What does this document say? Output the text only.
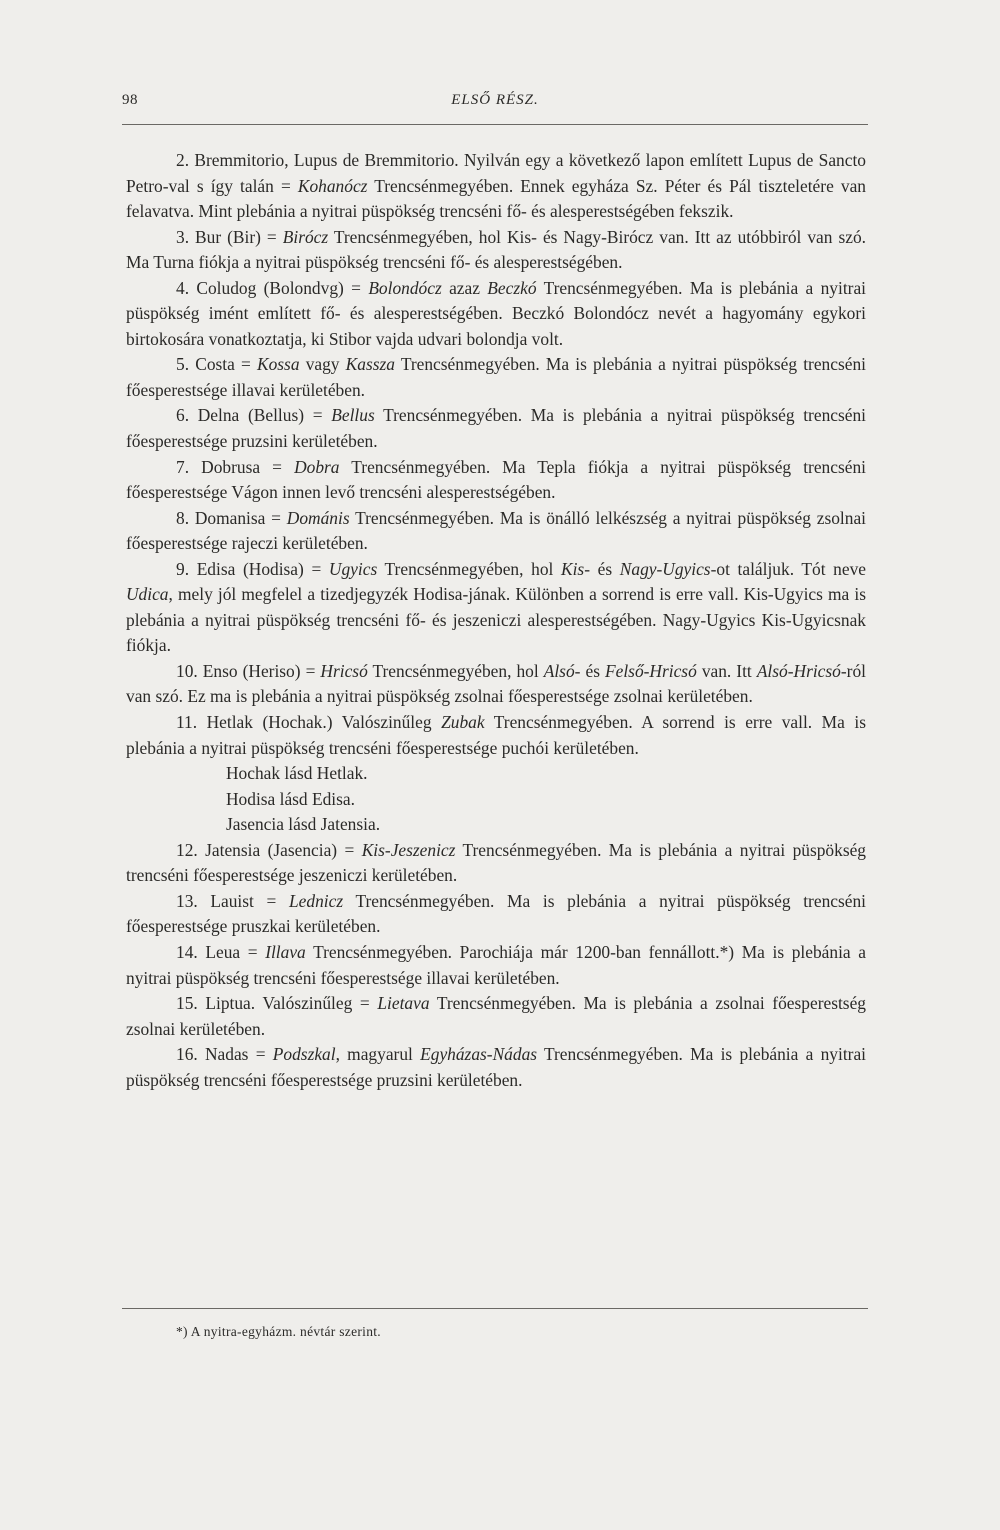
98	ELSŐ RÉSZ.

2. Bremmitorio, Lupus de Bremmitorio. Nyilván egy a következő lapon említett Lupus de Sancto Petro-val s így talán = Kohanócz Trencsénmegyében. Ennek egyháza Sz. Péter és Pál tiszteletére van felavatva. Mint plebánia a nyitrai püspökség trencséni fő- és alesperestségében fekszik.

3. Bur (Bir) = Birócz Trencsénmegyében, hol Kis- és Nagy-Birócz van. Itt az utóbbiról van szó. Ma Turna fiókja a nyitrai püspökség trencséni fő- és alesperestségében.

4. Coludog (Bolondvg) = Bolondócz azaz Beczkó Trencsénmegyében. Ma is plebánia a nyitrai püspökség imént említett fő- és alesperestségében. Beczkó Bolondócz nevét a hagyomány egykori birtokosára vonatkoztatja, ki Stibor vajda udvari bolondja volt.

5. Costa = Kossa vagy Kassza Trencsénmegyében. Ma is plebánia a nyitrai püspökség trencséni főesperestsége illavai kerületében.

6. Delna (Bellus) = Bellus Trencsénmegyében. Ma is plebánia a nyitrai püspökség trencséni főesperestsége pruzsini kerületében.

7. Dobrusa = Dobra Trencsénmegyében. Ma Tepla fiókja a nyitrai püspökség trencséni főesperestsége Vágon innen levő trencséni alesperestségében.

8. Domanisa = Dománis Trencsénmegyében. Ma is önálló lelkészség a nyitrai püspökség zsolnai főesperestsége rajeczi kerületében.

9. Edisa (Hodisa) = Ugyics Trencsénmegyében, hol Kis- és Nagy-Ugyics-ot találjuk. Tót neve Udica, mely jól megfelel a tizedjegyzék Hodisa-jának. Különben a sorrend is erre vall. Kis-Ugyics ma is plebánia a nyitrai püspökség trencséni fő- és jeszeniczi alesperestségében. Nagy-Ugyics Kis-Ugyicsnak fiókja.

10. Enso (Heriso) = Hricsó Trencsénmegyében, hol Alsó- és Felső-Hricsó van. Itt Alsó-Hricsó-ról van szó. Ez ma is plebánia a nyitrai püspökség zsolnai főesperestsége zsolnai kerületében.

11. Hetlak (Hochak.) Valószinűleg Zubak Trencsénmegyében. A sorrend is erre vall. Ma is plebánia a nyitrai püspökség trencséni főesperestsége puchói kerületében.

Hochak lásd Hetlak.

Hodisa lásd Edisa.

Jasencia lásd Jatensia.

12. Jatensia (Jasencia) = Kis-Jeszenicz Trencsénmegyében. Ma is plebánia a nyitrai püspökség trencséni főesperestsége jeszeniczi kerületében.

13. Lauist = Lednicz Trencsénmegyében. Ma is plebánia a nyitrai püspökség trencséni főesperestsége pruszkai kerületében.

14. Leua = Illava Trencsénmegyében. Parochiája már 1200-ban fennállott.*) Ma is plebánia a nyitrai püspökség trencséni főesperestsége illavai kerületében.

15. Liptua. Valószinűleg = Lietava Trencsénmegyében. Ma is plebánia a zsolnai főesperestség zsolnai kerületében.

16. Nadas = Podszkal, magyarul Egyházas-Nádas Trencsénmegyében. Ma is plebánia a nyitrai püspökség trencséni főesperestsége pruzsini kerületében.

*) A nyitra-egyházm. névtár szerint.
